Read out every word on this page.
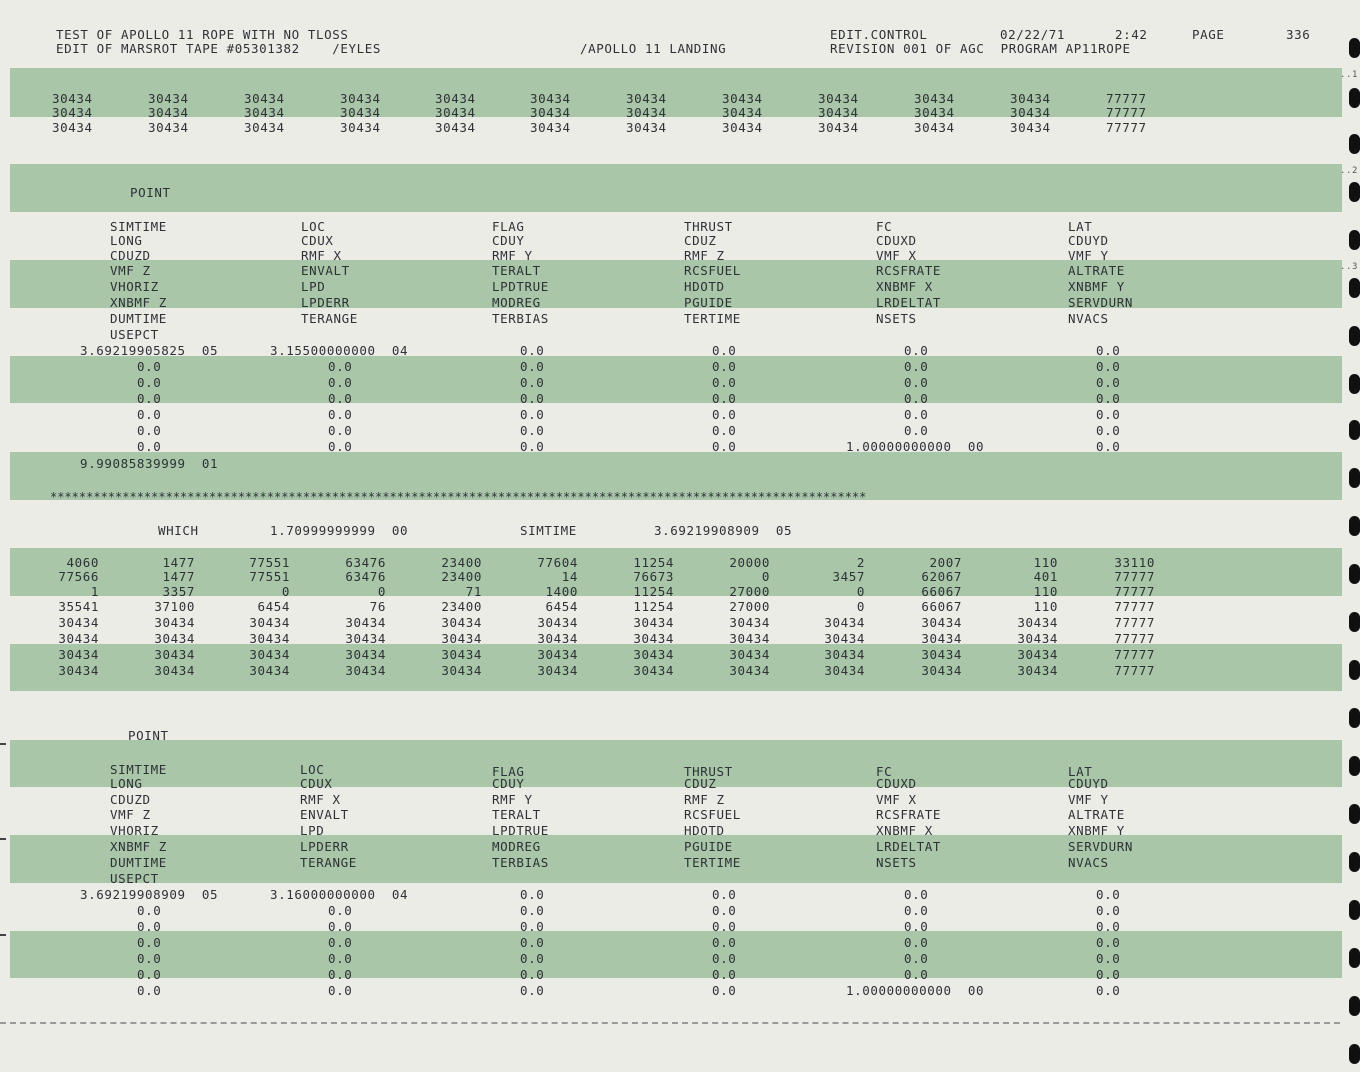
..1
..2
..3
TEST OF APOLLO 11 ROPE WITH NO TLOSS
EDIT OF MARSROT TAPE #05301382    /EYLES	/APOLLO 11 LANDING
EDIT.CONTROL	02/22/71	2:42	PAGE	336
REVISION 001 OF AGC  PROGRAM AP11ROPE
30434	30434	30434	30434	30434	30434	30434	30434	30434	30434	30434	77777
30434	30434	30434	30434	30434	30434	30434	30434	30434	30434	30434	77777
30434	30434	30434	30434	30434	30434	30434	30434	30434	30434	30434	77777
POINT
SIMTIME	LOC	FLAG	THRUST	FC	LAT
LONG	CDUX	CDUY	CDUZ	CDUXD	CDUYD
CDUZD	RMF X	RMF Y	RMF Z	VMF X	VMF Y
VMF Z	ENVALT	TERALT	RCSFUEL	RCSFRATE	ALTRATE
VHORIZ	LPD	LPDTRUE	HDOTD	XNBMF X	XNBMF Y
XNBMF Z	LPDERR	MODREG	PGUIDE	LRDELTAT	SERVDURN
DUMTIME	TERANGE	TERBIAS	TERTIME	NSETS	NVACS
USEPCT
3.69219905825  05	3.15500000000  04	0.0	0.0	0.0	0.0
0.0	0.0	0.0	0.0	0.0	0.0
0.0	0.0	0.0	0.0	0.0	0.0
0.0	0.0	0.0	0.0	0.0	0.0
0.0	0.0	0.0	0.0	0.0	0.0
0.0	0.0	0.0	0.0	0.0	0.0
0.0	0.0	0.0	0.0	1.00000000000  00	0.0
9.99085839999  01
*****************************************************************************************************************
WHICH	1.70999999999  00	SIMTIME	3.69219908909  05
4060	1477	77551	63476	23400	77604	11254	20000	2	2007	110	33110
77566	1477	77551	63476	23400	14	76673	0	3457	62067	401	77777
1	3357	0	0	71	1400	11254	27000	0	66067	110	77777
35541	37100	6454	76	23400	6454	11254	27000	0	66067	110	77777
30434	30434	30434	30434	30434	30434	30434	30434	30434	30434	30434	77777
30434	30434	30434	30434	30434	30434	30434	30434	30434	30434	30434	77777
30434	30434	30434	30434	30434	30434	30434	30434	30434	30434	30434	77777
30434	30434	30434	30434	30434	30434	30434	30434	30434	30434	30434	77777
POINT
SIMTIME	LOC	FLAG	THRUST	FC	LAT
LONG	CDUX	CDUY	CDUZ	CDUXD	CDUYD
CDUZD	RMF X	RMF Y	RMF Z	VMF X	VMF Y
VMF Z	ENVALT	TERALT	RCSFUEL	RCSFRATE	ALTRATE
VHORIZ	LPD	LPDTRUE	HDOTD	XNBMF X	XNBMF Y
XNBMF Z	LPDERR	MODREG	PGUIDE	LRDELTAT	SERVDURN
DUMTIME	TERANGE	TERBIAS	TERTIME	NSETS	NVACS
USEPCT
3.69219908909  05	3.16000000000  04	0.0	0.0	0.0	0.0
0.0	0.0	0.0	0.0	0.0	0.0
0.0	0.0	0.0	0.0	0.0	0.0
0.0	0.0	0.0	0.0	0.0	0.0
0.0	0.0	0.0	0.0	0.0	0.0
0.0	0.0	0.0	0.0	0.0	0.0
0.0	0.0	0.0	0.0	1.00000000000  00	0.0
